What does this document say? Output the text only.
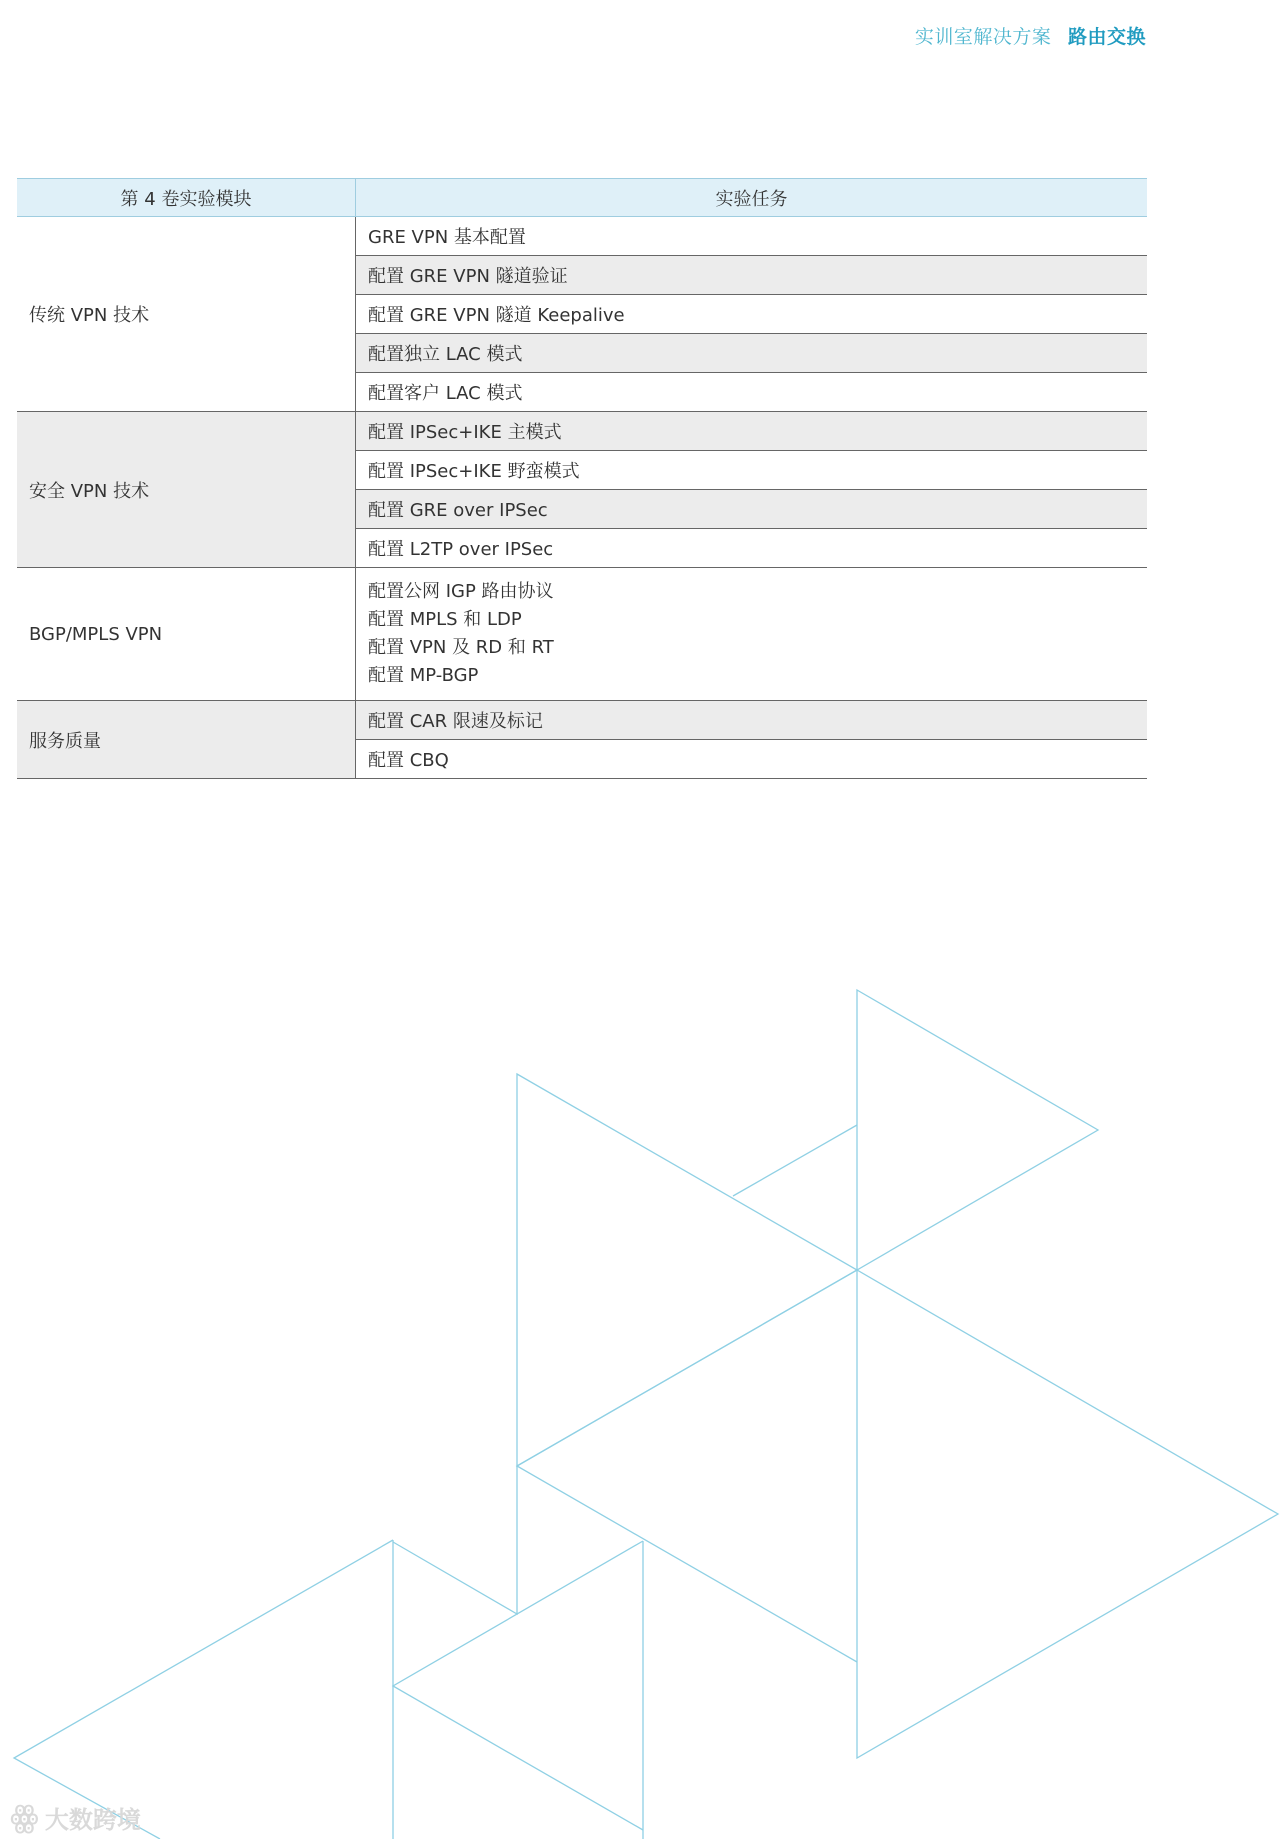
实训室解决方案 路由交换
第 4 卷实验模块	实验任务
传统 VPN 技术	GRE VPN 基本配置

	配置 GRE VPN 隧道验证

	配置 GRE VPN 隧道 Keepalive

	配置独立 LAC 模式

	配置客户 LAC 模式

安全 VPN 技术	配置 IPSec+IKE 主模式

	配置 IPSec+IKE 野蛮模式

	配置 GRE over IPSec

	配置 L2TP over IPSec

BGP/MPLS VPN	配置公网 IGP 路由协议
配置 MPLS 和 LDP
配置 VPN 及 RD 和 RT
配置 MP-BGP

服务质量	配置 CAR 限速及标记

	配置 CBQ
ꙮ 大数跨境
